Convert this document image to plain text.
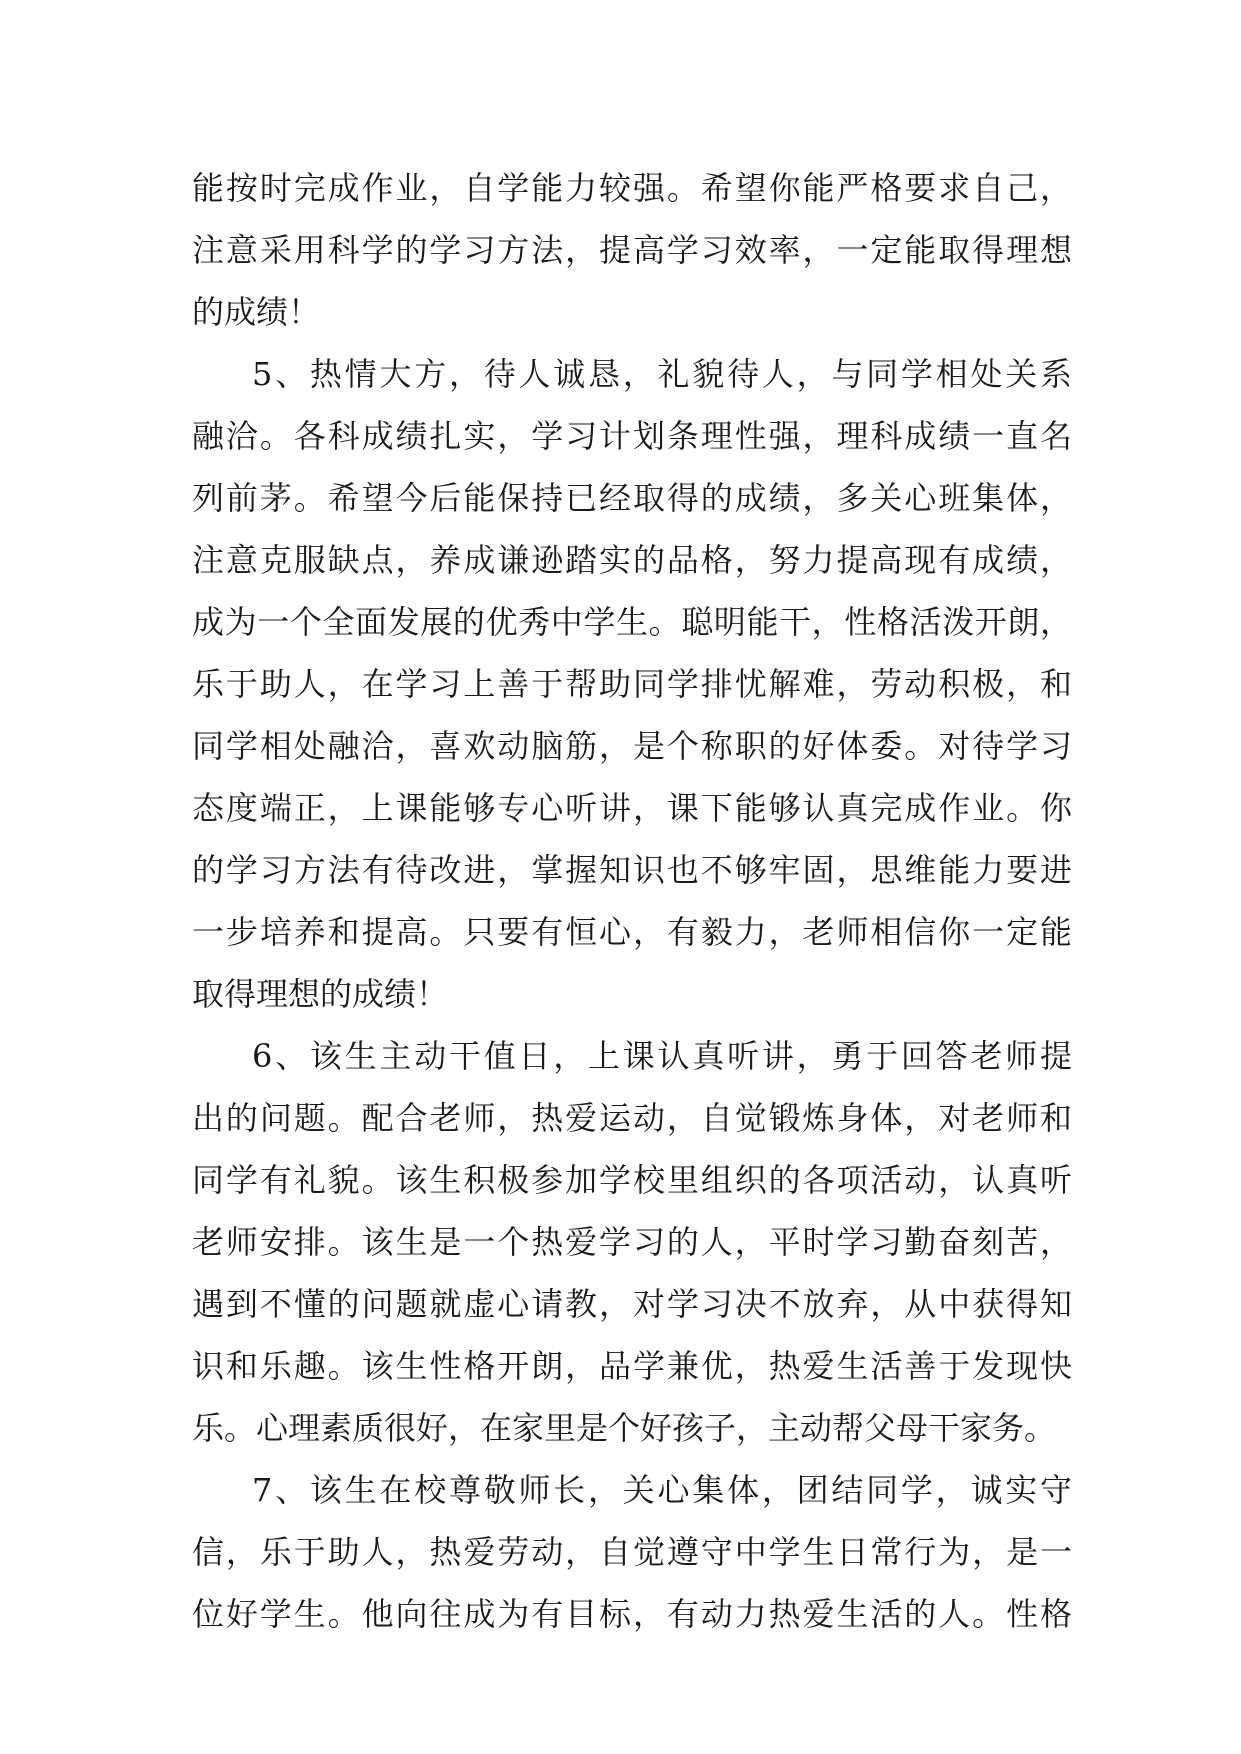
能按时完成作业，自学能力较强。希望你能严格要求自己，
注意采用科学的学习方法，提高学习效率，一定能取得理想
的成绩！
5、热情大方，待人诚恳，礼貌待人，与同学相处关系
融洽。各科成绩扎实，学习计划条理性强，理科成绩一直名
列前茅。希望今后能保持已经取得的成绩，多关心班集体，
注意克服缺点，养成谦逊踏实的品格，努力提高现有成绩，
成为一个全面发展的优秀中学生。聪明能干，性格活泼开朗，
乐于助人，在学习上善于帮助同学排忧解难，劳动积极，和
同学相处融洽，喜欢动脑筋，是个称职的好体委。对待学习
态度端正，上课能够专心听讲，课下能够认真完成作业。你
的学习方法有待改进，掌握知识也不够牢固，思维能力要进
一步培养和提高。只要有恒心，有毅力，老师相信你一定能
取得理想的成绩！
6、该生主动干值日，上课认真听讲，勇于回答老师提
出的问题。配合老师，热爱运动，自觉锻炼身体，对老师和
同学有礼貌。该生积极参加学校里组织的各项活动，认真听
老师安排。该生是一个热爱学习的人，平时学习勤奋刻苦，
遇到不懂的问题就虚心请教，对学习决不放弃，从中获得知
识和乐趣。该生性格开朗，品学兼优，热爱生活善于发现快
乐。心理素质很好，在家里是个好孩子，主动帮父母干家务。
7、该生在校尊敬师长，关心集体，团结同学，诚实守
信，乐于助人，热爱劳动，自觉遵守中学生日常行为，是一
位好学生。他向往成为有目标，有动力热爱生活的人。性格
